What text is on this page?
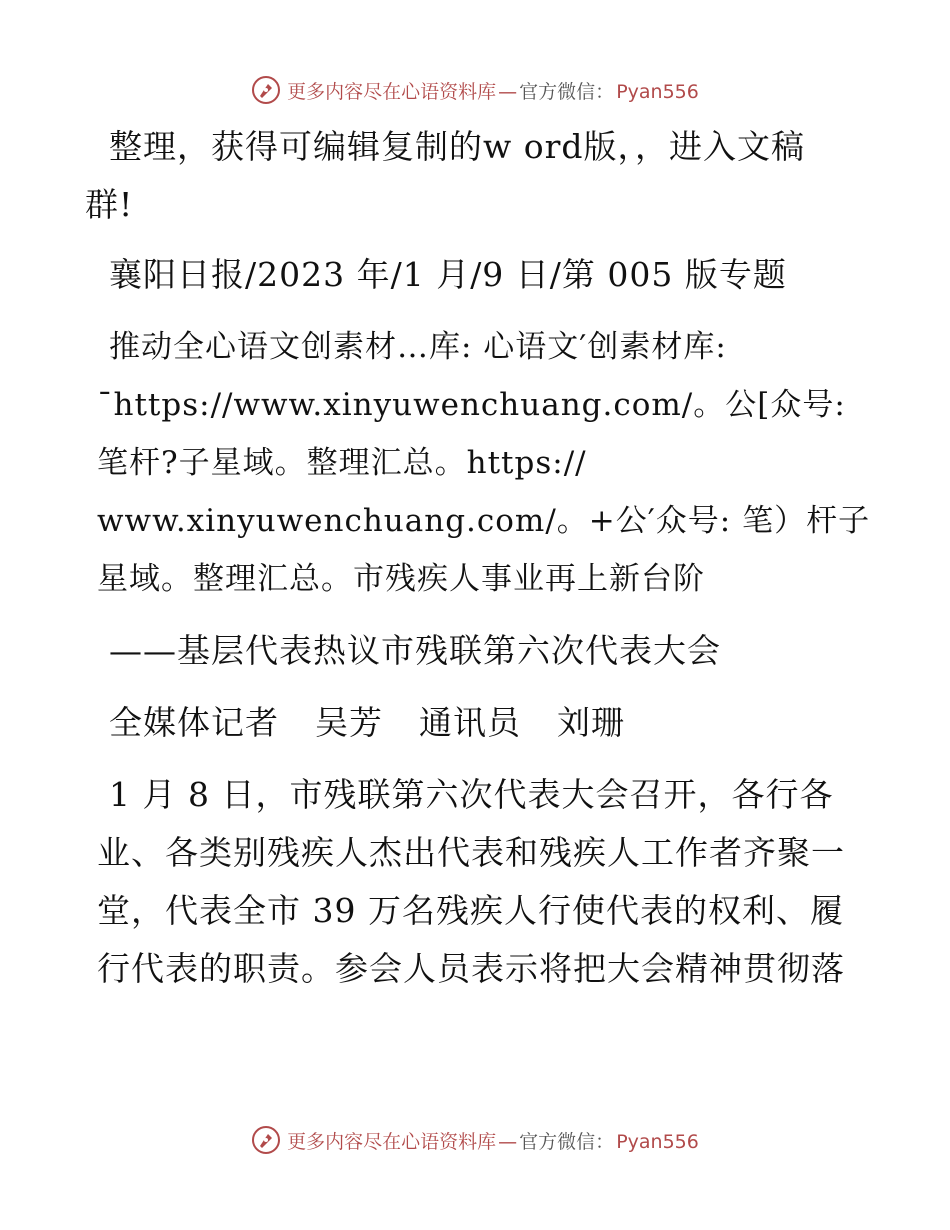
更多内容尽在心语资料库 — 官方微信： Pyan556

整理，获得可编辑复制的w ord版，，进入文稿
群!

襄阳日报/2023 年/1 月/9 日/第 005 版专题

推动全心语文创素材…库: 心语文′创素材库:
¯https://www.xinyuwenchuang.com/。公[众号:
笔杆?子星域。整理汇总。https://
www.xinyuwenchuang.com/。+公′众号: 笔）杆子
星域。整理汇总。市残疾人事业再上新台阶

——基层代表热议市残联第六次代表大会

全媒体记者 吴芳 通讯员 刘珊

1 月 8 日，市残联第六次代表大会召开，各行各
业、各类别残疾人杰出代表和残疾人工作者齐聚一
堂，代表全市 39 万名残疾人行使代表的权利、履
行代表的职责。参会人员表示将把大会精神贯彻落
更多内容尽在心语资料库 — 官方微信： Pyan556
